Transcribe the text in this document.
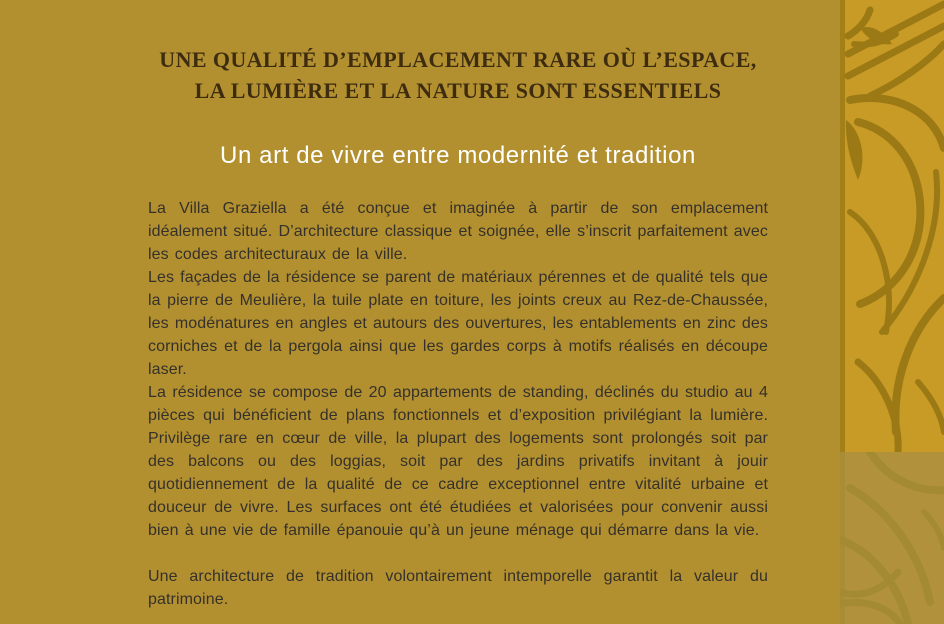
UNE QUALITÉ D’EMPLACEMENT RARE OÙ L’ESPACE,
LA LUMIÈRE ET LA NATURE SONT ESSENTIELS
Un art de vivre entre modernité et tradition

La Villa Graziella a été conçue et imaginée à partir de son emplacement idéalement situé. D’architecture classique et soignée, elle s’inscrit parfaitement avec les codes architecturaux de la ville.

Les façades de la résidence se parent de matériaux pérennes et de qualité tels que la pierre de Meulière, la tuile plate en toiture, les joints creux au Rez-de-Chaussée, les modénatures en angles et autours des ouvertures, les entablements en zinc des corniches et de la pergola ainsi que les gardes corps à motifs réalisés en découpe laser.

La résidence se compose de 20 appartements de standing, déclinés du studio au 4 pièces qui bénéficient de plans fonctionnels et d’exposition privilégiant la lumière. Privilège rare en cœur de ville, la plupart des logements sont prolongés soit par des balcons ou des loggias, soit par des jardins privatifs invitant à jouir quotidiennement de la qualité de ce cadre exceptionnel entre vitalité urbaine et douceur de vivre. Les surfaces ont été étudiées et valorisées pour convenir aussi bien à une vie de famille épanouie qu’à un jeune ménage qui démarre dans la vie.

Une architecture de tradition volontairement intemporelle garantit la valeur du patrimoine.
